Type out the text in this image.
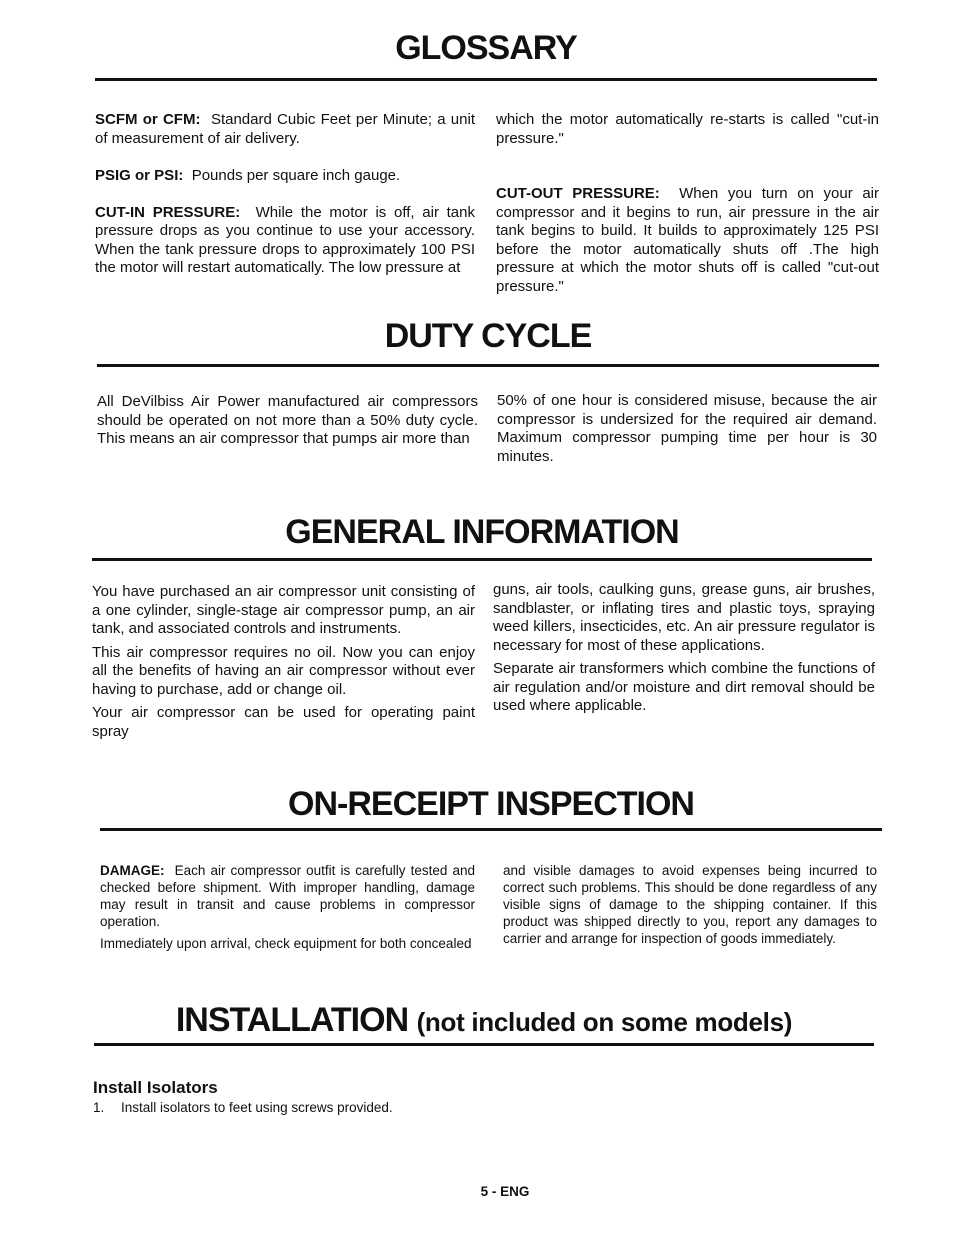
GLOSSARY

SCFM or CFM: Standard Cubic Feet per Minute; a unit of measurement of air delivery.

PSIG or PSI: Pounds per square inch gauge.

CUT-IN PRESSURE: While the motor is off, air tank pressure drops as you continue to use your accessory. When the tank pressure drops to approximately 100 PSI the motor will restart automatically. The low pressure at

which the motor automatically re-starts is called "cut-in pressure."

CUT-OUT PRESSURE: When you turn on your air compressor and it begins to run, air pressure in the air tank begins to build. It builds to approximately 125 PSI before the motor automatically shuts off .The high pressure at which the motor shuts off is called "cut-out pressure."

DUTY CYCLE

All DeVilbiss Air Power manufactured air compressors should be operated on not more than a 50% duty cycle. This means an air compressor that pumps air more than

50% of one hour is considered misuse, because the air compressor is undersized for the required air demand. Maximum compressor pumping time per hour is 30 minutes.

GENERAL INFORMATION

You have purchased an air compressor unit consisting of a one cylinder, single-stage air compressor pump, an air tank, and associated controls and instruments.

This air compressor requires no oil. Now you can enjoy all the benefits of having an air compressor without ever having to purchase, add or change oil.

Your air compressor can be used for operating paint spray

guns, air tools, caulking guns, grease guns, air brushes, sandblaster, or inflating tires and plastic toys, spraying weed killers, insecticides, etc. An air pressure regulator is necessary for most of these applications.

Separate air transformers which combine the functions of air regulation and/or moisture and dirt removal should be used where applicable.

ON-RECEIPT INSPECTION

DAMAGE: Each air compressor outfit is carefully tested and checked before shipment. With improper handling, damage may result in transit and cause problems in compressor operation.

Immediately upon arrival, check equipment for both concealed

and visible damages to avoid expenses being incurred to correct such problems. This should be done regardless of any visible signs of damage to the shipping container. If this product was shipped directly to you, report any damages to carrier and arrange for inspection of goods immediately.

INSTALLATION (not included on some models)
Install Isolators
1. Install isolators to feet using screws provided.
5 - ENG
